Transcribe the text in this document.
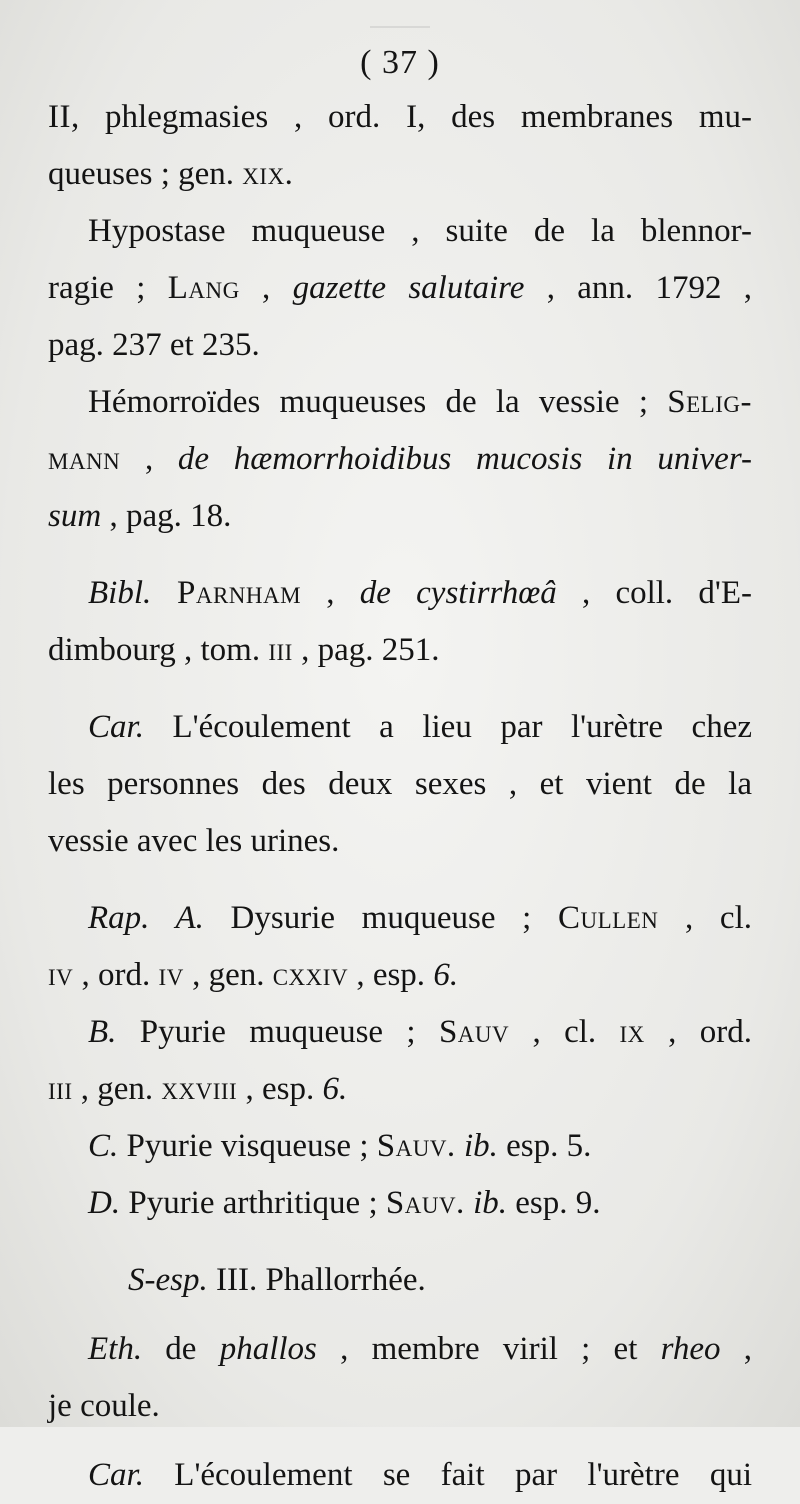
( 37 )
II, phlegmasies , ord. I, des membranes mu-
queuses ; gen. xix.
Hypostase muqueuse , suite de la blennor-
ragie ; Lang , gazette salutaire , ann. 1792 ,
pag. 237 et 235.
Hémorroïdes muqueuses de la vessie ; Selig-
mann , de hæmorrhoidibus mucosis in univer-
sum , pag. 18.
Bibl. Parnham , de cystirrhœâ , coll. d'E-
dimbourg , tom. iii , pag. 251.
Car. L'écoulement a lieu par l'urètre chez
les personnes des deux sexes , et vient de la
vessie avec les urines.
Rap. A. Dysurie muqueuse ; Cullen , cl.
iv , ord. iv , gen. cxxiv , esp. 6.
B. Pyurie muqueuse ; Sauv , cl. ix , ord.
iii , gen. xxviii , esp. 6.
C. Pyurie visqueuse ; Sauv. ib. esp. 5.
D. Pyurie arthritique ; Sauv. ib. esp. 9.
S-esp. III. Phallorrhée.
Eth. de phallos , membre viril ; et rheo ,
je coule.
Car. L'écoulement se fait par l'urètre qui
